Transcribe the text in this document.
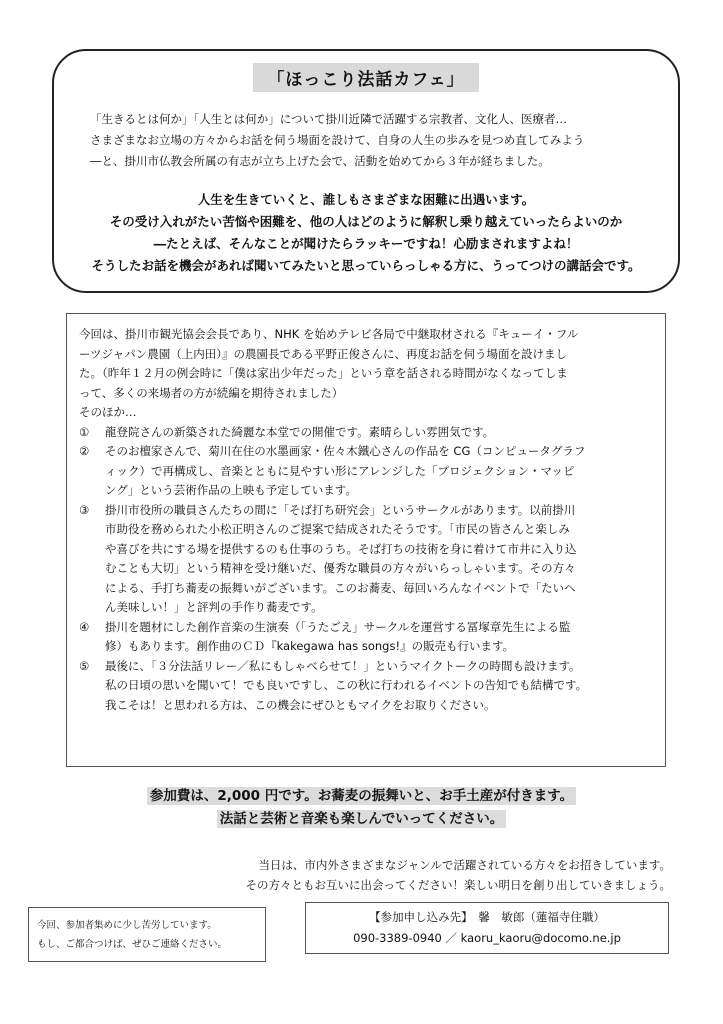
「ほっこり法話カフェ」

「生きるとは何か」「人生とは何か」について掛川近隣で活躍する宗教者、文化人、医療者…

さまざまなお立場の方々からお話を伺う場面を設けて、自身の人生の歩みを見つめ直してみよう

―と、掛川市仏教会所属の有志が立ち上げた会で、活動を始めてから３年が経ちました。

人生を生きていくと、誰しもさまざまな困難に出遇います。

その受け入れがたい苦悩や困難を、他の人はどのように解釈し乗り越えていったらよいのか

―たとえば、そんなことが聞けたらラッキーですね！心励まされますよね！

そうしたお話を機会があれば聞いてみたいと思っていらっしゃる方に、うってつけの講話会です。

今回は、掛川市観光協会会長であり、NHK を始めテレビ各局で中継取材される『キューイ・フル

ーツジャパン農園（上内田）』の農園長である平野正俊さんに、再度お話を伺う場面を設けまし

た。（昨年１２月の例会時に「僕は家出少年だった」という章を話される時間がなくなってしま

って、多くの来場者の方が続編を期待されました）

そのほか…

①	龍登院さんの新築された綺麗な本堂での開催です。素晴らしい雰囲気です。

②	そのお檀家さんで、菊川在住の水墨画家・佐々木鐵心さんの作品を CG（コンピュータグラフ

ィック）で再構成し、音楽とともに見やすい形にアレンジした「プロジェクション・マッピ

ング」という芸術作品の上映も予定しています。

③	掛川市役所の職員さんたちの間に「そば打ち研究会」というサークルがあります。以前掛川

市助役を務められた小松正明さんのご提案で結成されたそうです。「市民の皆さんと楽しみ

や喜びを共にする場を提供するのも仕事のうち。そば打ちの技術を身に着けて市井に入り込

むことも大切」という精神を受け継いだ、優秀な職員の方々がいらっしゃいます。その方々

による、手打ち蕎麦の振舞いがございます。このお蕎麦、毎回いろんなイベントで「たいへ

ん美味しい！」と評判の手作り蕎麦です。

④	掛川を題材にした創作音楽の生演奏（「うたごえ」サークルを運営する冨塚章先生による監

修）もあります。創作曲のＣＤ『kakegawa has songs!』の販売も行います。

⑤	最後に、「３分法話リレー／私にもしゃべらせて！」というマイクトークの時間も設けます。

私の日頃の思いを聞いて！でも良いですし、この秋に行われるイベントの告知でも結構です。

我こそは！と思われる方は、この機会にぜひともマイクをお取りください。

参加費は、2,000 円です。お蕎麦の振舞いと、お手土産が付きます。

法話と芸術と音楽も楽しんでいってください。

当日は、市内外さまざまなジャンルで活躍されている方々をお招きしています。

その方々ともお互いに出会ってください！楽しい明日を創り出していきましょう。

今回、参加者集めに少し苦労しています。

もし、ご都合つけば、ぜひご連絡ください。

【参加申し込み先】　馨　敏郎（蓮福寺住職）

090-3389-0940 ／ kaoru_kaoru@docomo.ne.jp
